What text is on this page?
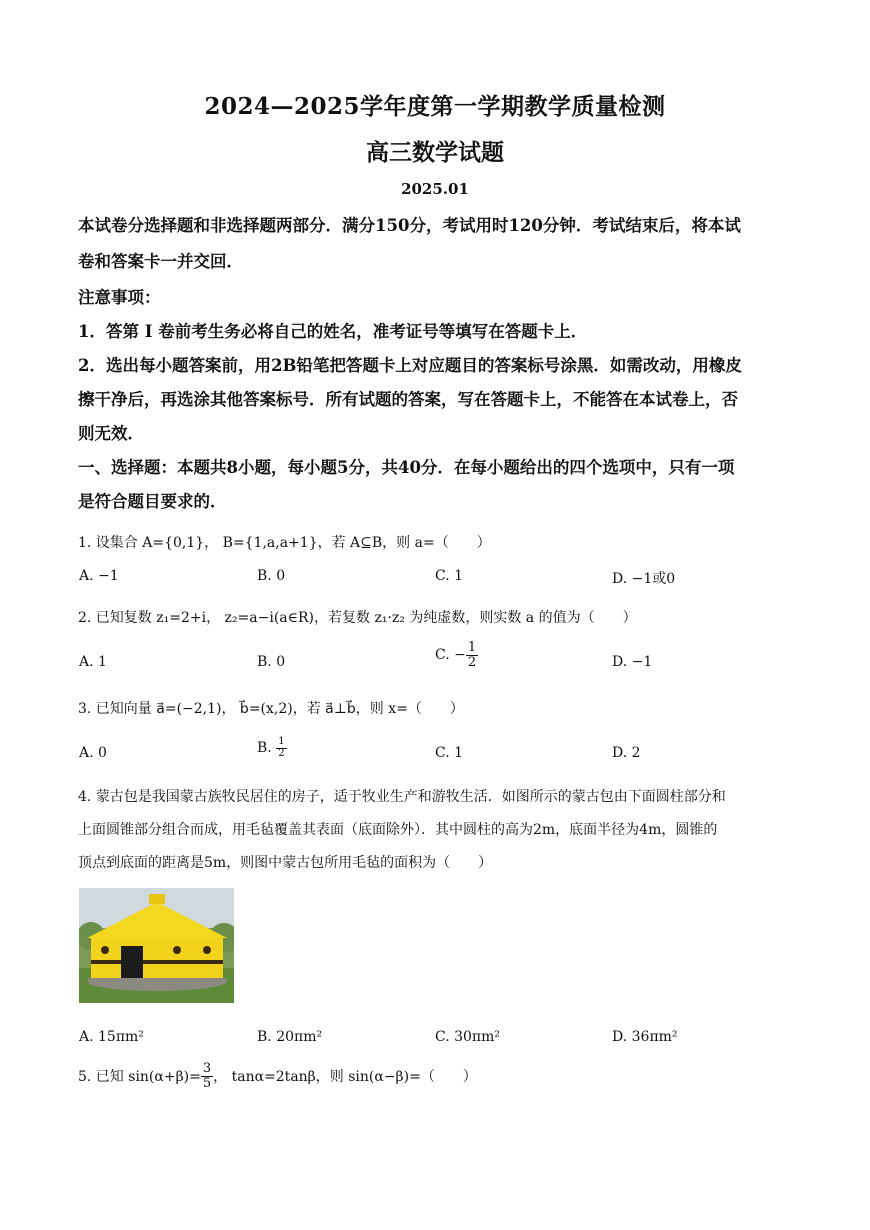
2024—2025学年度第一学期教学质量检测
高三数学试题
2025.01
本试卷分选择题和非选择题两部分．满分150分，考试用时120分钟．考试结束后，将本试
卷和答案卡一并交回．
注意事项：
1．答第 I 卷前考生务必将自己的姓名，准考证号等填写在答题卡上．
2．选出每小题答案前，用2B铅笔把答题卡上对应题目的答案标号涂黑．如需改动，用橡皮
擦干净后，再选涂其他答案标号．所有试题的答案，写在答题卡上，不能答在本试卷上，否
则无效．
一、选择题：本题共8小题，每小题5分，共40分．在每小题给出的四个选项中，只有一项
是符合题目要求的．
1. 设集合 A={0,1}， B={1,a,a+1}，若 A⊆B，则 a=（　　）
A. −1	B. 0	C. 1	D. −1或0
2. 已知复数 z₁=2+i， z₂=a−i(a∈R)，若复数 z₁·z₂ 为纯虚数，则实数 a 的值为（　　）
A. 1	B. 0	C. − $\frac{1}{2}$	D. −1
3. 已知向量 a⃗=(−2,1)， b⃗=(x,2)，若 a⃗⊥b⃗，则 x=（　　）
A. 0	B. $\frac{1}{2}$	C. 1	D. 2
4. 蒙古包是我国蒙古族牧民居住的房子，适于牧业生产和游牧生活．如图所示的蒙古包由下面圆柱部分和
上面圆锥部分组合而成，用毛毡覆盖其表面（底面除外）．其中圆柱的高为2m，底面半径为4m，圆锥的
顶点到底面的距离是5m，则图中蒙古包所用毛毡的面积为（　　）
A. 15πm²	B. 20πm²	C. 30πm²	D. 36πm²
5. 已知 $\sin(\alpha+\beta)= \frac{3}{5}$ ， tanα=2tanβ，则 sin(α−β)=（　　）
